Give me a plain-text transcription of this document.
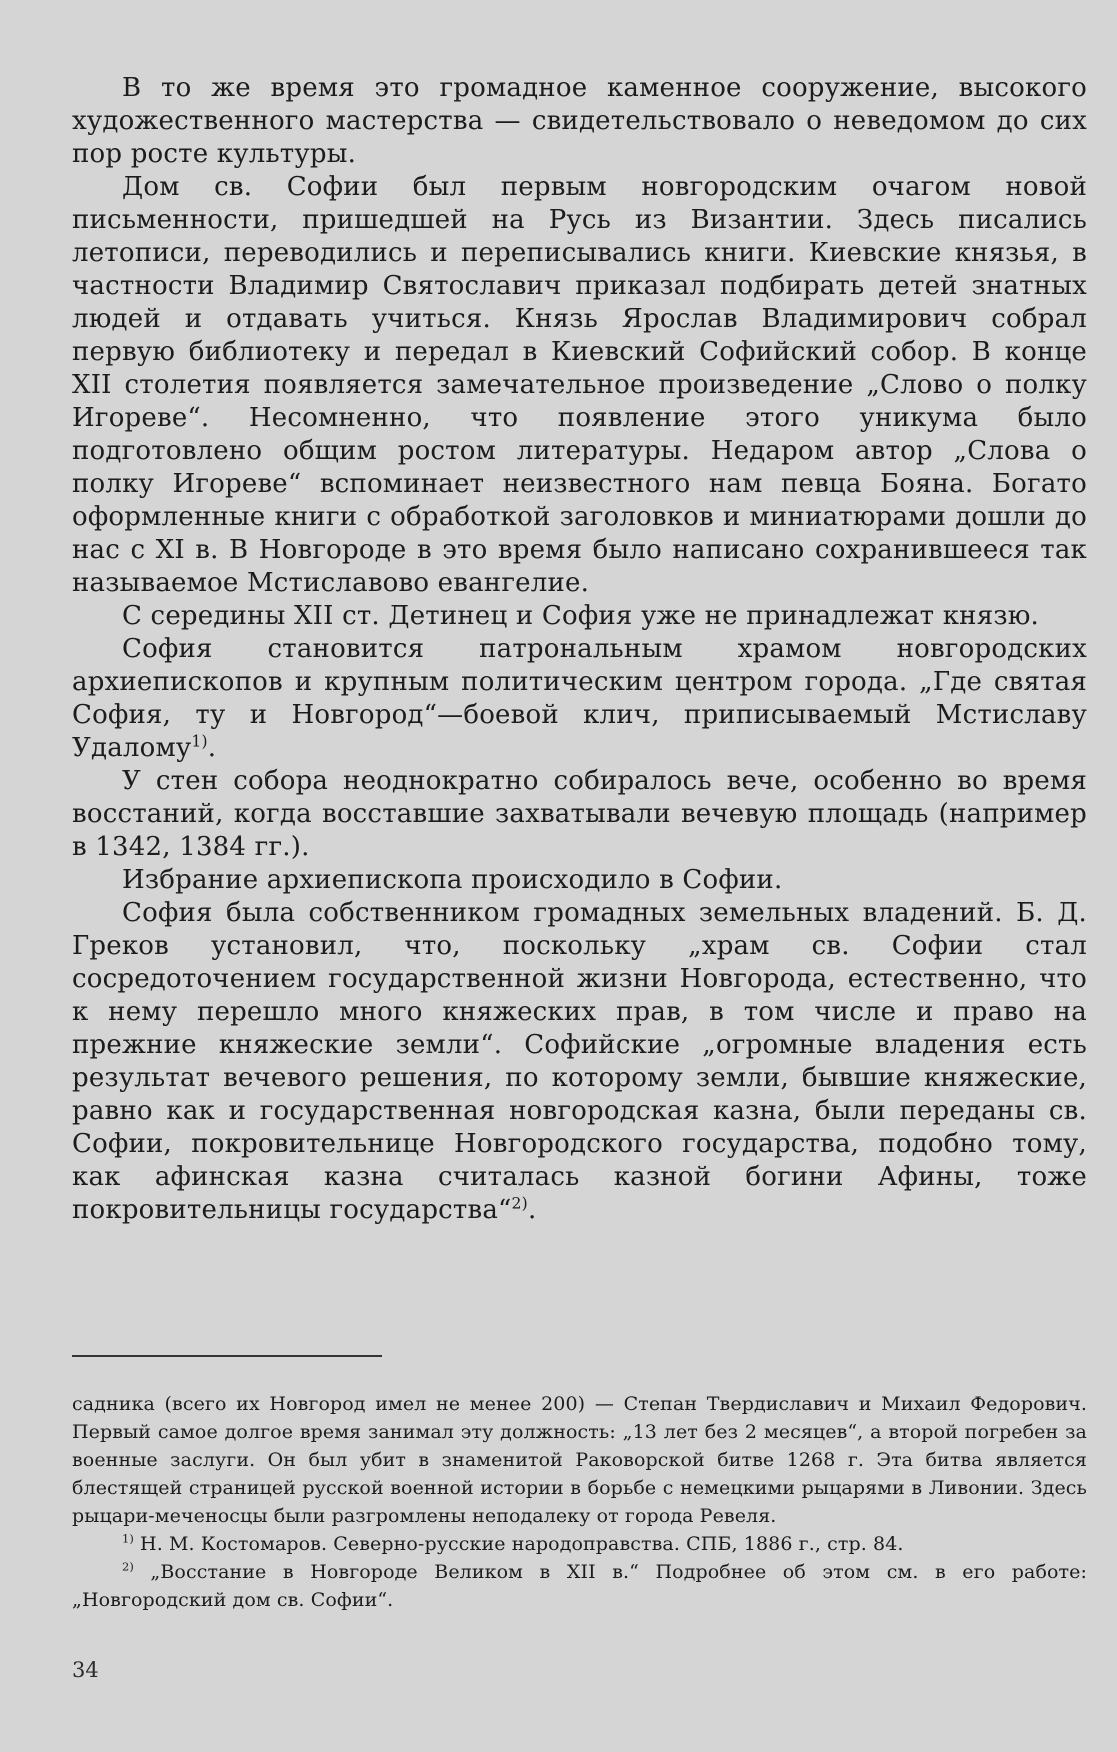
В то же время это громадное каменное сооружение, высокого художественного мастерства — свидетельствовало о неведомом до сих пор росте культуры.

Дом св. Софии был первым новгородским очагом новой письменности, пришедшей на Русь из Византии. Здесь писались летописи, переводились и переписывались книги. Киевские князья, в частности Владимир Святославич приказал подбирать детей знатных людей и отдавать учиться. Князь Ярослав Владимирович собрал первую библиотеку и передал в Киевский Софийский собор. В конце XII столетия появляется замечательное произведение „Слово о полку Игореве“. Несомненно, что появление этого уникума было подготовлено общим ростом литературы. Недаром автор „Слова о полку Игореве“ вспоминает неизвестного нам певца Бояна. Богато оформленные книги с обработкой заголовков и миниатюрами дошли до нас с XI в. В Новгороде в это время было написано сохранившееся так называемое Мстиславово евангелие.

С середины XII ст. Детинец и София уже не принадлежат князю.

София становится патрональным храмом новгородских архиепископов и крупным политическим центром города. „Где святая София, ту и Новгород“—боевой клич, приписываемый Мстиславу Удалому$^{1)}$.

У стен собора неоднократно собиралось вече, особенно во время восстаний, когда восставшие захватывали вечевую площадь (например в 1342, 1384 гг.).

Избрание архиепископа происходило в Софии.

София была собственником громадных земельных владений. Б. Д. Греков установил, что, поскольку „храм св. Софии стал сосредоточением государственной жизни Новгорода, естественно, что к нему перешло много княжеских прав, в том числе и право на прежние княжеские земли“. Софийские „огромные владения есть результат вечевого решения, по которому земли, бывшие княжеские, равно как и государственная новгородская казна, были переданы св. Софии, покровительнице Новгородского государства, подобно тому, как афинская казна считалась казной богини Афины, тоже покровительницы государства“$^{2)}$.

садника (всего их Новгород имел не менее 200) — Степан Твердиславич и Михаил Федорович. Первый самое долгое время занимал эту должность: „13 лет без 2 месяцев“, а второй погребен за военные заслуги. Он был убит в знаменитой Раковорской битве 1268 г. Эта битва является блестящей страницей русской военной истории в борьбе с немецкими рыцарями в Ливонии. Здесь рыцари-меченосцы были разгромлены неподалеку от города Ревеля.

$^{1)}$ Н. М. Костомаров. Северно-русские народоправства. СПБ, 1886 г., стр. 84.

$^{2)}$ „Восстание в Новгороде Великом в XII в.“ Подробнее об этом см. в его работе: „Новгородский дом св. Софии“.

34
